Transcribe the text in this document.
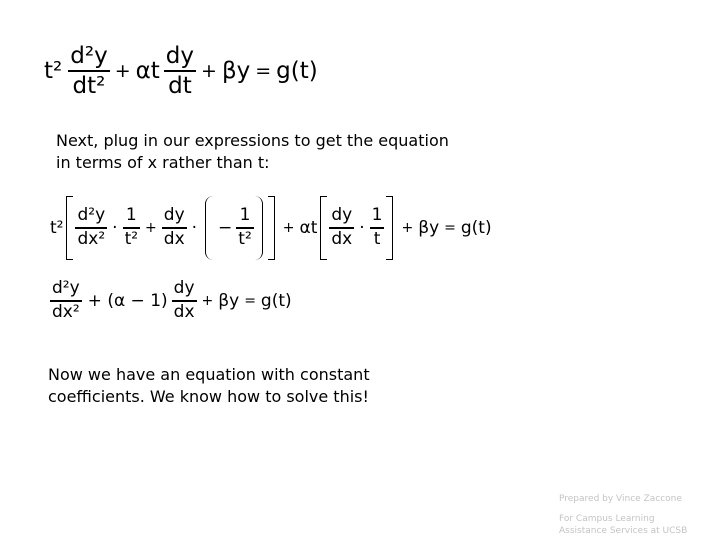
$t^2 \frac{\text{d²y}}{\text{dt²}} + \alpha t \frac{dy}{dt} + \beta y = g(t)$

Next, plug in our expressions to get the equation
in terms of x rather than t:

$t^2 \frac{\text{d²y}}{\text{dx²}} \cdot \frac{1}{\text{t²}} + \frac{dy}{dx}$ · − $\frac{1}{\text{t²}}$	+ αt $\frac{dy}{dx} \cdot \frac{1}{t}$	+ βy = g(t)
$\frac{\text{d²y}}{\text{dx²}} + (\alpha - 1) \frac{dy}{dx} + \beta y = g(t)$

Now we have an equation with constant
coefficients. We know how to solve this!

Prepared by Vince Zaccone
For Campus Learning
Assistance Services at UCSB
